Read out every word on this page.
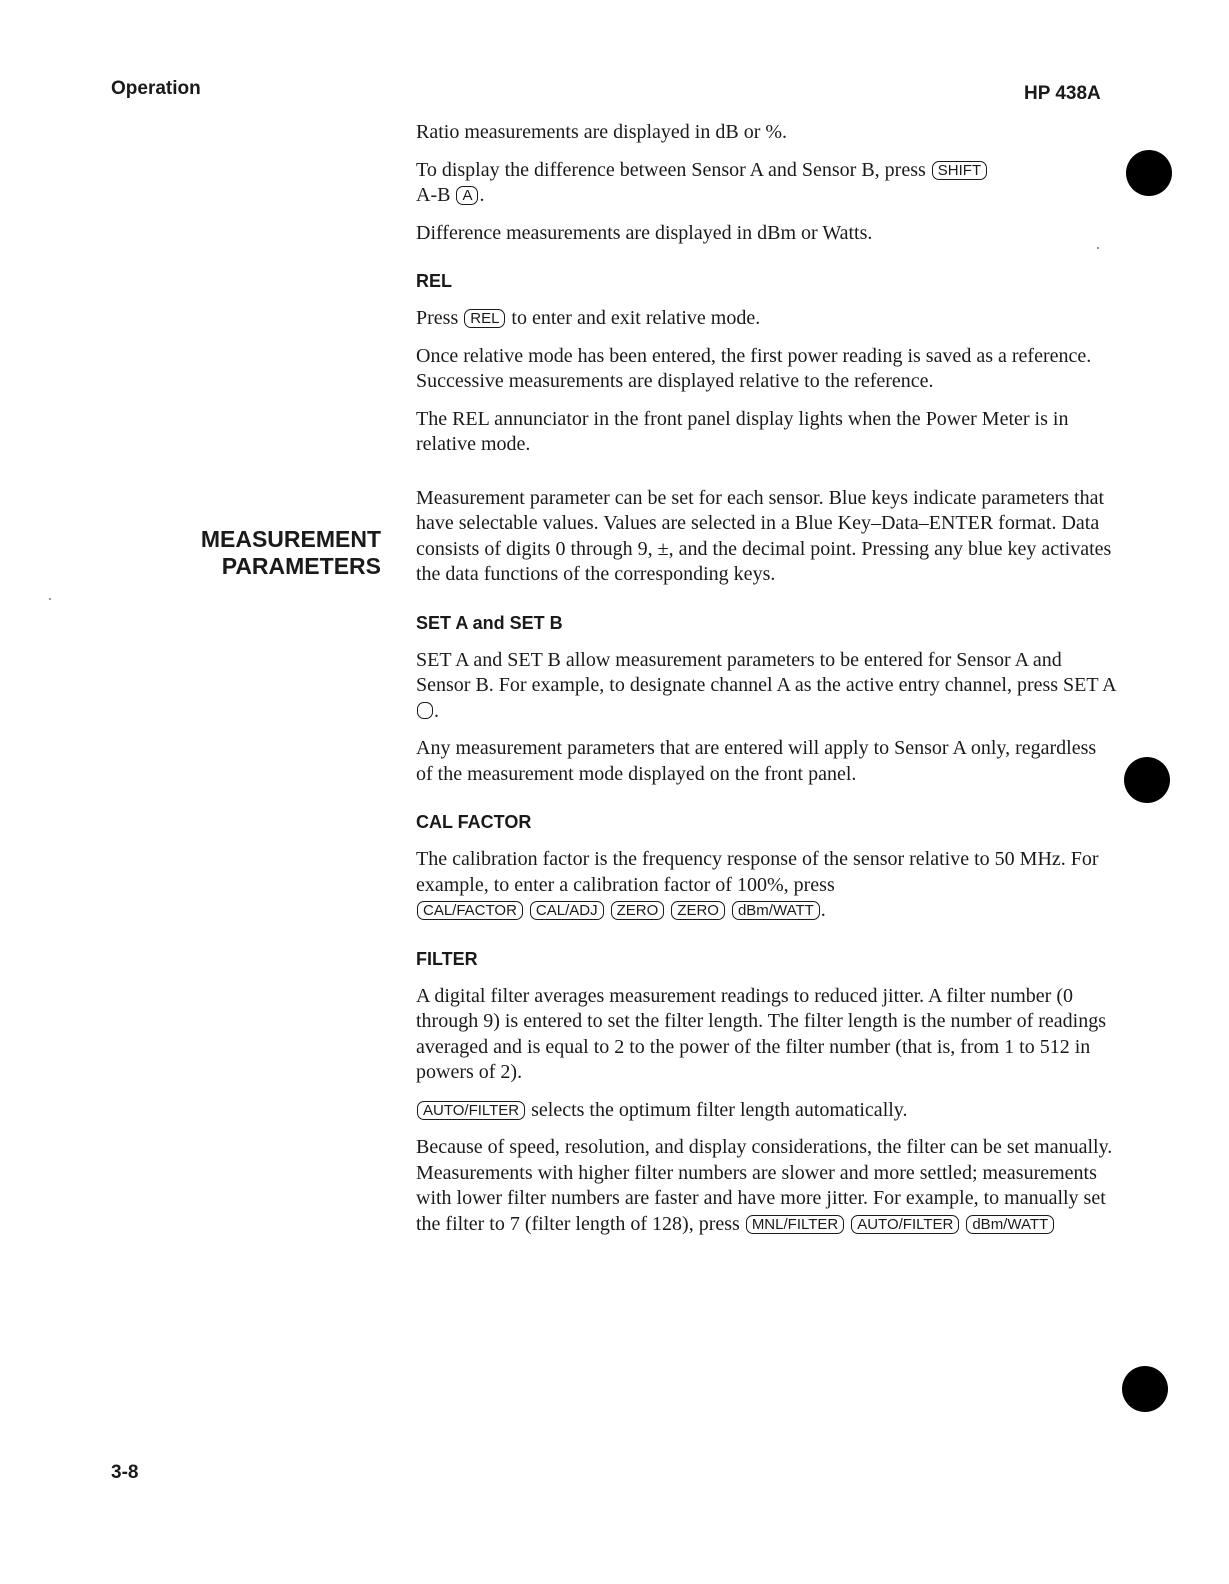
Operation	HP 438A
MEASUREMENT
PARAMETERS

Ratio measurements are displayed in dB or %.

To display the difference between Sensor A and Sensor B, press SHIFT
A-B A .

Difference measurements are displayed in dBm or Watts.

REL

Press REL to enter and exit relative mode.

Once relative mode has been entered, the first power reading is saved as a reference. Successive measurements are displayed relative to the reference.

The REL annunciator in the front panel display lights when the Power Meter is in relative mode.

Measurement parameter can be set for each sensor. Blue keys indicate parameters that have selectable values. Values are selected in a Blue Key–Data–ENTER format. Data consists of digits 0 through 9, ±, and the decimal point. Pressing any blue key activates the data functions of the corresponding keys.

SET A and SET B

SET A and SET B allow measurement parameters to be entered for Sensor A and Sensor B. For example, to designate channel A as the active entry channel, press SET A .

Any measurement parameters that are entered will apply to Sensor A only, regardless of the measurement mode displayed on the front panel.

CAL FACTOR

The calibration factor is the frequency response of the sensor relative to 50 MHz. For example, to enter a calibration factor of 100%, press
CAL/FACTOR CAL/ADJ ZERO ZERO dBm/WATT .

FILTER

A digital filter averages measurement readings to reduced jitter. A filter number (0 through 9) is entered to set the filter length. The filter length is the number of readings averaged and is equal to 2 to the power of the filter number (that is, from 1 to 512 in powers of 2).

AUTO/FILTER selects the optimum filter length automatically.

Because of speed, resolution, and display considerations, the filter can be set manually. Measurements with higher filter numbers are slower and more settled; measurements with lower filter numbers are faster and have more jitter. For example, to manually set the filter to 7 (filter length of 128), press MNL/FILTER AUTO/FILTER dBm/WATT

3-8
